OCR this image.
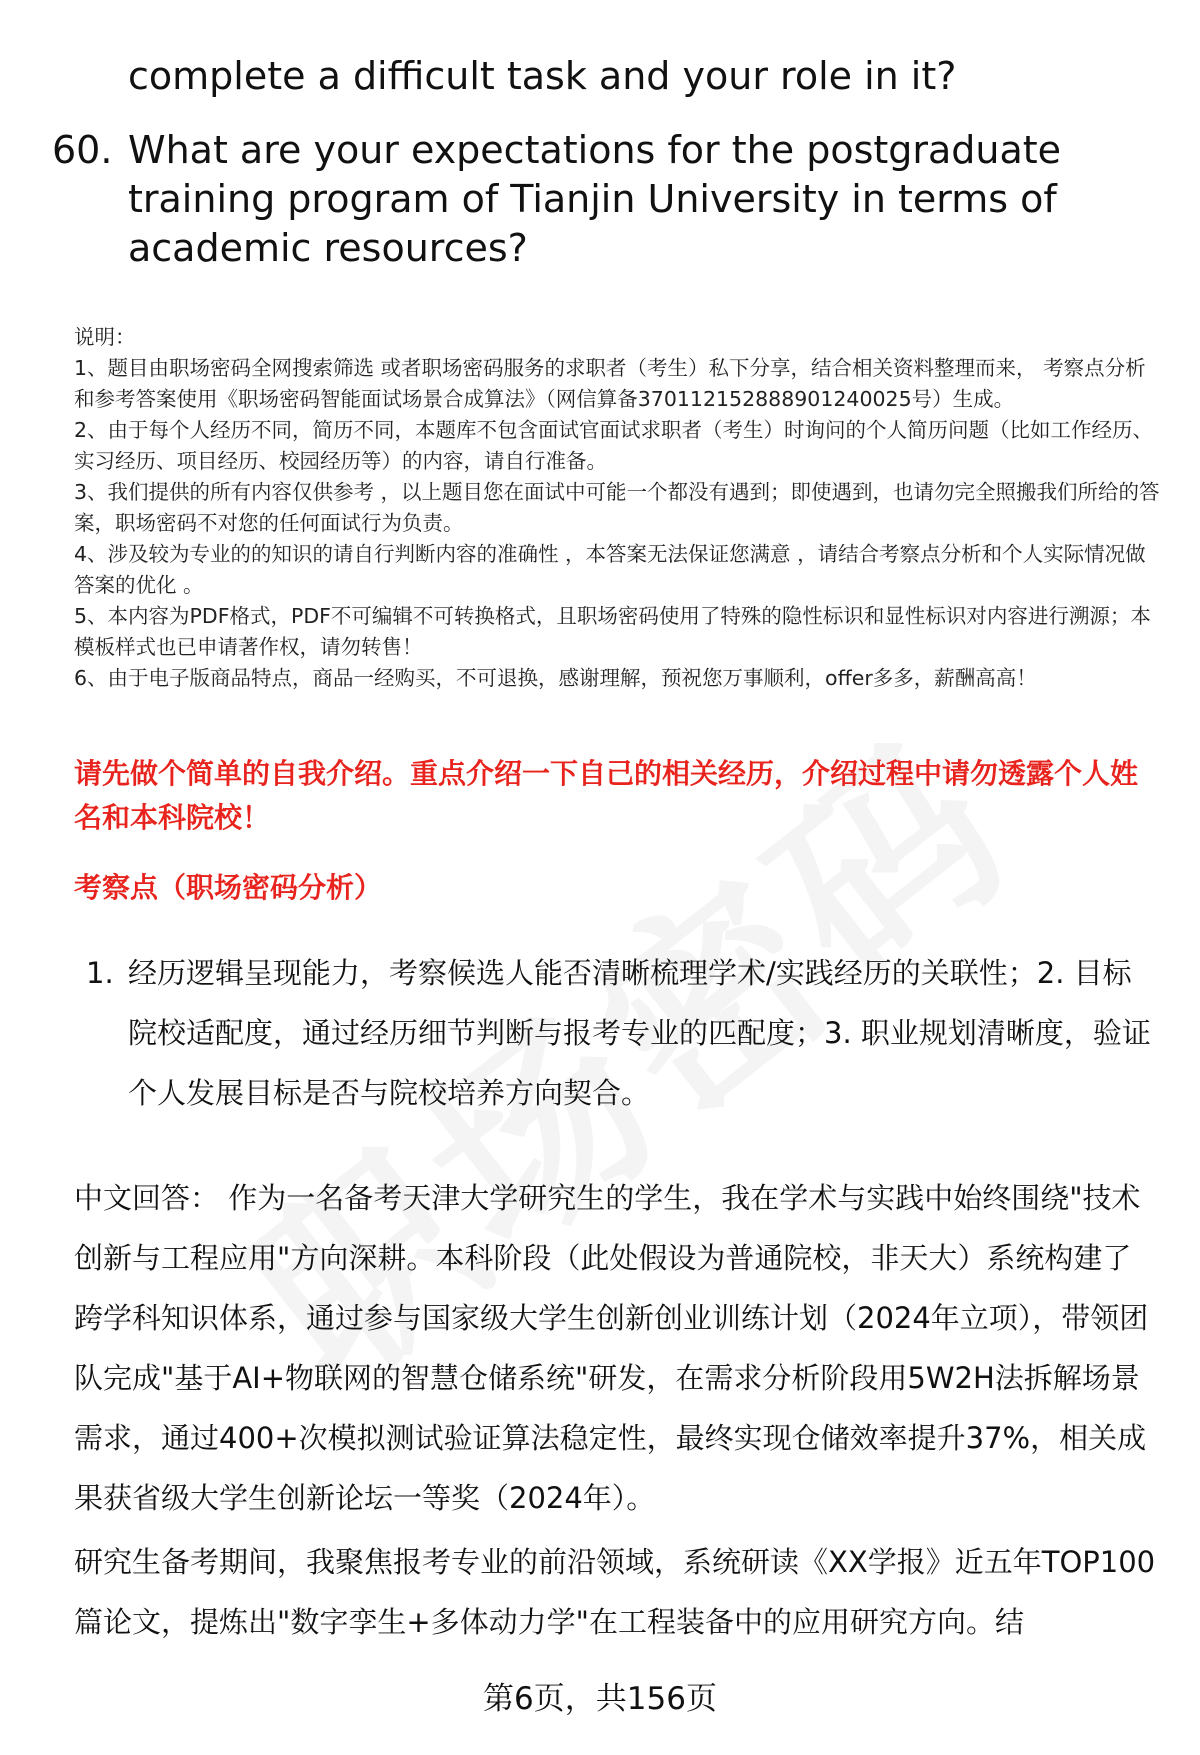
complete a difficult task and your role in it?
60. What are your expectations for the postgraduate training program of Tianjin University in terms of academic resources?

说明：

1、题目由职场密码全网搜索筛选 或者职场密码服务的求职者（考生）私下分享，结合相关资料整理而来， 考察点分析和参考答案使用《职场密码智能面试场景合成算法》（网信算备370112152888901240025号）生成。

2、由于每个人经历不同，简历不同，本题库不包含面试官面试求职者（考生）时询问的个人简历问题（比如工作经历、实习经历、项目经历、校园经历等）的内容，请自行准备。

3、我们提供的所有内容仅供参考 ，以上题目您在面试中可能一个都没有遇到；即使遇到，也请勿完全照搬我们所给的答案，职场密码不对您的任何面试行为负责。

4、涉及较为专业的的知识的请自行判断内容的准确性 ，本答案无法保证您满意 ，请结合考察点分析和个人实际情况做答案的优化 。

5、本内容为PDF格式，PDF不可编辑不可转换格式，且职场密码使用了特殊的隐性标识和显性标识对内容进行溯源；本模板样式也已申请著作权，请勿转售！

6、由于电子版商品特点，商品一经购买，不可退换，感谢理解，预祝您万事顺利，offer多多，薪酬高高！

请先做个简单的自我介绍。重点介绍一下自己的相关经历，介绍过程中请勿透露个人姓名和本科院校！
考察点（职场密码分析）
1. 经历逻辑呈现能力，考察候选人能否清晰梳理学术/实践经历的关联性；2. 目标院校适配度，通过经历细节判断与报考专业的匹配度；3. 职业规划清晰度，验证个人发展目标是否与院校培养方向契合。
中文回答： 作为一名备考天津大学研究生的学生，我在学术与实践中始终围绕"技术创新与工程应用"方向深耕。本科阶段（此处假设为普通院校，非天大）系统构建了跨学科知识体系，通过参与国家级大学生创新创业训练计划（2024年立项），带领团队完成"基于AI+物联网的智慧仓储系统"研发，在需求分析阶段用5W2H法拆解场景需求，通过400+次模拟测试验证算法稳定性，最终实现仓储效率提升37%，相关成果获省级大学生创新论坛一等奖（2024年）。
研究生备考期间，我聚焦报考专业的前沿领域，系统研读《XX学报》近五年TOP100篇论文，提炼出"数字孪生+多体动力学"在工程装备中的应用研究方向。结
第6页，共156页
